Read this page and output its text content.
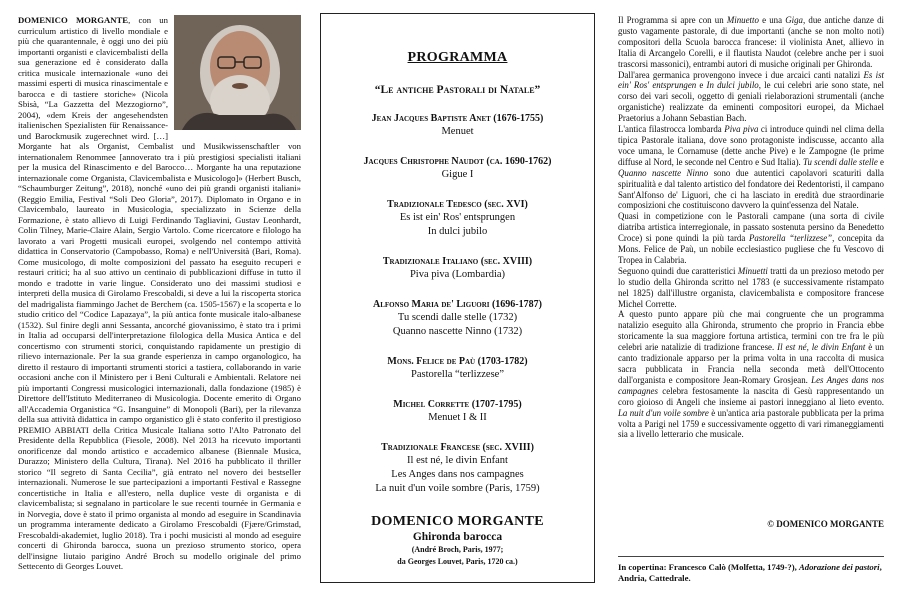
DOMENICO MORGANTE, con un curriculum artistico di livello mondiale e più che quarantennale, è oggi uno dei più importanti organisti e clavicembalisti della sua generazione ed è considerato dalla critica musicale internazionale «uno dei massimi esperti di musica rinascimentale e barocca e di tastiere storiche» (Nicola Sbisà, “La Gazzetta del Mezzogiorno”, 2004), «dem Kreis der angesehendsten italienischen Spezialisten für Renaissance- und Barockmusik zugerechnet wird. […] Morgante hat als Organist, Cembalist und Musikwissenschaftler von internationalem Renommee [annoverato tra i più prestigiosi specialisti italiani per la musica del Rinascimento e del Barocco… Morgante ha una reputazione internazionale come Organista, Clavicembalista e Musicologo]» (Herbert Busch, “Schaumburger Zeitung”, 2018), nonché «uno dei più grandi organisti italiani» (Reggio Emilia, Festival “Soli Deo Gloria”, 2017). Diplomato in Organo e in Clavicembalo, laureato in Musicologia, specializzato in Scienze della Formazione, è stato allievo di Luigi Ferdinando Tagliavini, Gustav Leonhardt, Colin Tilney, Marie-Claire Alain, Sergio Vartolo. Come ricercatore e filologo ha lavorato a vari Progetti musicali europei, svolgendo nel contempo attività didattica in Conservatorio (Campobasso, Roma) e nell'Università (Bari, Roma). Come musicologo, di molte composizioni del passato ha eseguito recuperi e restauri critici; ha al suo attivo un centinaio di pubblicazioni diffuse in tutto il mondo e tradotte in varie lingue. Considerato uno dei massimi studiosi e interpreti della musica di Girolamo Frescobaldi, si deve a lui la riscoperta storica del madrigalista fiammingo Jachet de Berchem (ca. 1505-1567) e la scoperta e lo studio critico del “Codice Lapazaya”, la più antica fonte musicale italo-albanese (1532). Sul finire degli anni Sessanta, ancorché giovanissimo, è stato tra i primi in Italia ad occuparsi dell'interpretazione filologica della Musica Antica e del concertismo con strumenti storici, conquistando rapidamente un prestigio di rilievo internazionale. Per la sua grande esperienza in campo organologico, ha diretto il restauro di importanti strumenti storici a tastiera, collaborando in varie occasioni anche con il Ministero per i Beni Culturali e Ambientali. Relatore nei più importanti Congressi musicologici internazionali, dalla fondazione (1985) è Direttore dell'Istituto Mediterraneo di Musicologia. Docente emerito di Organo all'Accademia Organistica “G. Insanguine” di Monopoli (Bari), per la rilevanza della sua attività didattica in campo organistico gli è stato conferito il prestigioso PREMIO ABBIATI della Critica Musicale Italiana sotto l'Alto Patronato del Presidente della Repubblica (Fiesole, 2008). Nel 2013 ha ricevuto importanti onorificenze dal mondo artistico e accademico albanese (Biennale Musica, Durazzo; Ministero della Cultura, Tirana). Nel 2016 ha pubblicato il thriller storico “Il segreto di Santa Cecilia”, già entrato nel novero dei bestseller internazionali. Numerose le sue partecipazioni a importanti Festival e Rassegne concertistiche in Italia e all'estero, nella duplice veste di organista e di clavicembalista; si segnalano in particolare le sue recenti tournée in Germania e in Norvegia, dove è stato il primo organista al mondo ad eseguire in Scandinavia un programma interamente dedicato a Girolamo Frescobaldi (Fjære/Grimstad, Frescobaldi-akademiet, luglio 2018). Tra i pochi musicisti al mondo ad eseguire concerti di Ghironda barocca, suona un prezioso strumento storico, opera dell'insigne liutaio parigino André Broch su modello originale del primo Settecento di Georges Louvet.

PROGRAMMA
“Le antiche Pastorali di Natale”
Jean Jacques Baptiste Anet (1676-1755)
Menuet
Jacques Christophe Naudot (ca. 1690-1762)
Gigue I
Tradizionale Tedesco (sec. XVI)
Es ist ein' Ros' entsprungen
In dulci jubilo
Tradizionale Italiano (sec. XVIII)
Piva piva (Lombardia)
Alfonso Maria de' Liguori (1696-1787)
Tu scendi dalle stelle (1732)
Quanno nascette Ninno (1732)
Mons. Felice de Paù (1703-1782)
Pastorella “terlizzese”
Michel Corrette (1707-1795)
Menuet I & II
Tradizionale Francese (sec. XVIII)
Il est né, le divin Enfant
Les Anges dans nos campagnes
La nuit d'un voile sombre (Paris, 1759)
DOMENICO MORGANTE
Ghironda barocca
(André Broch, Paris, 1977;
da Georges Louvet, Paris, 1720 ca.)

Il Programma si apre con un Minuetto e una Giga, due antiche danze di gusto vagamente pastorale, di due importanti (anche se non molto noti) compositori della Scuola barocca francese: il violinista Anet, allievo in Italia di Arcangelo Corelli, e il flautista Naudot (celebre anche per i suoi trascorsi massonici), entrambi autori di musiche originali per Ghironda.

Dall'area germanica provengono invece i due arcaici canti natalizi Es ist ein' Ros' entsprungen e In dulci jubilo, le cui celebri arie sono state, nel corso dei vari secoli, oggetto di geniali rielaborazioni strumentali (anche organistiche) realizzate da eminenti compositori europei, da Michael Praetorius a Johann Sebastian Bach.

L'antica filastrocca lombarda Piva piva ci introduce quindi nel clima della tipica Pastorale italiana, dove sono protagoniste indiscusse, accanto alla voce umana, le Cornamuse (dette anche Pive) e le Zampogne (le prime diffuse al Nord, le seconde nel Centro e Sud Italia). Tu scendi dalle stelle e Quanno nascette Ninno sono due autentici capolavori scaturiti dalla spiritualità e dal talento artistico del fondatore dei Redentoristi, il campano Sant'Alfonso de' Liguori, che ci ha lasciato in eredità due straordinarie composizioni che costituiscono davvero la quint'essenza del Natale.

Quasi in competizione con le Pastorali campane (una sorta di civile diatriba artistica interregionale, in passato sostenuta persino da Benedetto Croce) si pone quindi la più tarda Pastorella “terlizzese”, concepita da Mons. Felice de Paù, un nobile ecclesiastico pugliese che fu Vescovo di Tropea in Calabria.

Seguono quindi due caratteristici Minuetti tratti da un prezioso metodo per lo studio della Ghironda scritto nel 1783 (e successivamente ristampato nel 1825) dall'illustre organista, clavicembalista e compositore francese Michel Corrette.

A questo punto appare più che mai congruente che un programma natalizio eseguito alla Ghironda, strumento che proprio in Francia ebbe storicamente la sua maggiore fortuna artistica, termini con tre fra le più celebri arie natalizie di tradizione francese. Il est né, le divin Enfant è un canto tradizionale apparso per la prima volta in una raccolta di musica sacra pubblicata in Francia nella seconda metà dell'Ottocento dall'organista e compositore Jean-Romary Grosjean. Les Anges dans nos campagnes celebra festosamente la nascita di Gesù rappresentando un coro gioioso di Angeli che insieme ai pastori inneggiano al lieto evento. La nuit d'un voile sombre è un'antica aria pastorale pubblicata per la prima volta a Parigi nel 1759 e successivamente oggetto di vari rimaneggiamenti sia a livello letterario che musicale.

© DOMENICO MORGANTE
In copertina: Francesco Calò (Molfetta, 1749-?), Adorazione dei pastori, Andria, Cattedrale.
